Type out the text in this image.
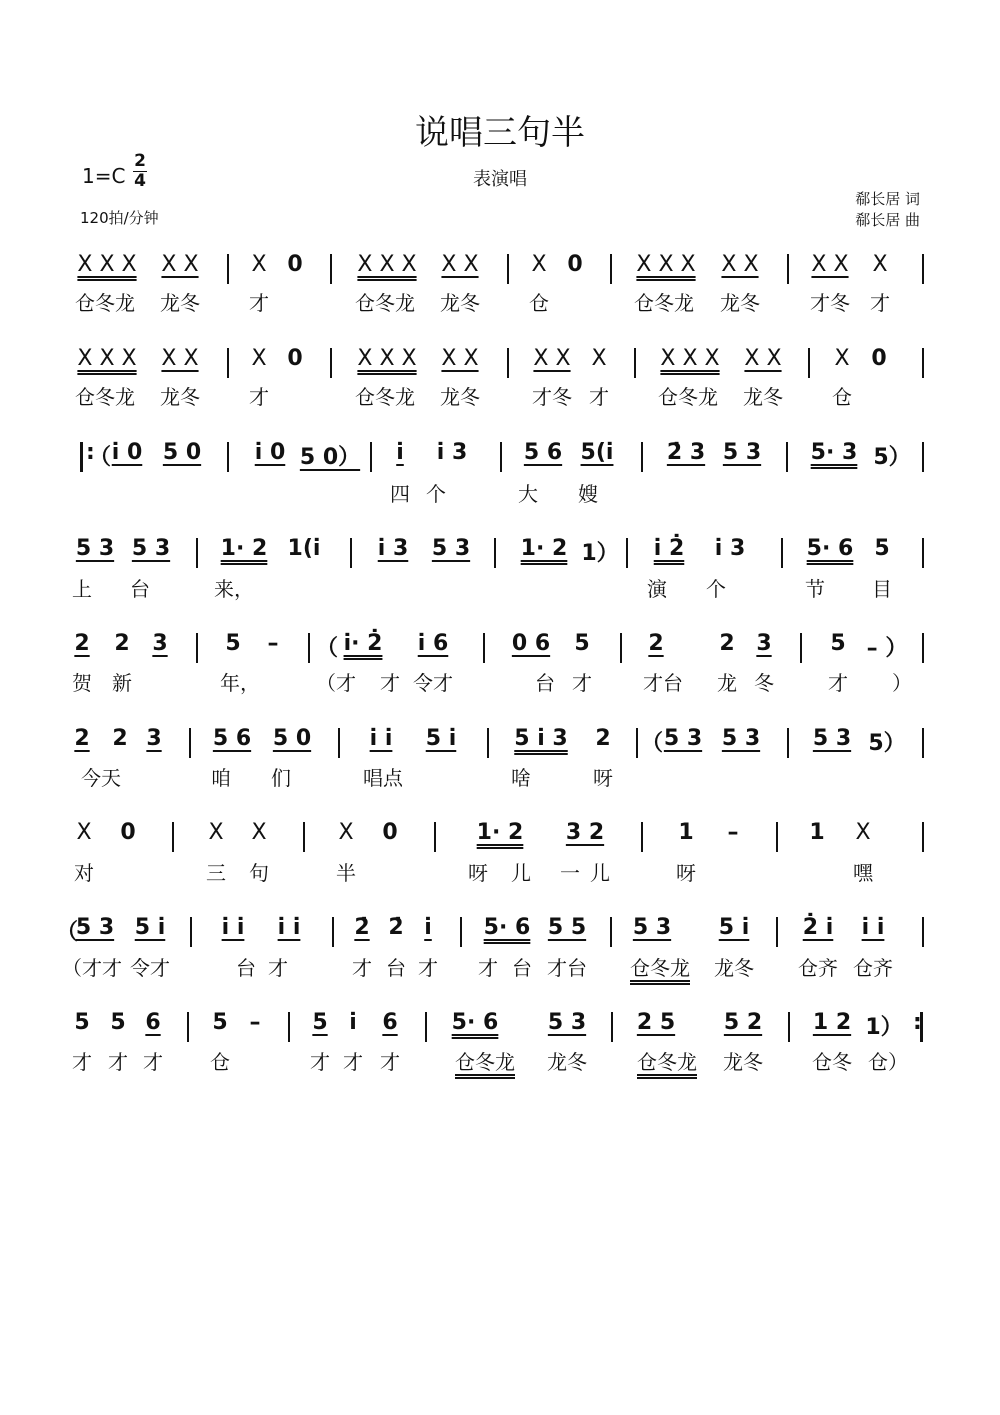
说唱三句半
表演唱
1=C
2
4
120拍/分钟
郗长居 词
郗长居 曲
X X X X X X 0 X X X X X X 0 X X X X X X X X
仓冬龙 龙冬 才	仓冬龙 龙冬 仓	仓冬龙 龙冬	才冬 才
X X X X X X 0 X X X X X X X X X X X X X X 0
仓冬龙 龙冬 才	仓冬龙 龙冬	才冬 才 仓冬龙 龙冬 仓
:
（ i̇ 0 5 0 i̇ 0 5 0） i̇ i̇ 3	5 6 5(i̇ 2̇ 3 5 3 5· 3 5）
四 个	大 嫂
5 3 5 3 1· 2 1(i̇	i̇ 3 5 3 1· 2 1） i̇ 2̇ i̇ 3	5· 6 5
上 台	来，	演 个	节 目
2 2 3	5 – （ i̇· 2̇ i̇ 6	0 6 5	2	2 3	5 – ）
贺 新	年，	（才 才 令才	台 才	才台 龙 冬	才 ）
2 2 3 5 6 5 0	i̇ i̇ 5 i̇	5 i̇ 3 2 （ 5 3 5 3 5 3 5）
今天	咱 们	唱点	啥	呀
X 0	X X	X 0	1· 2 3 2	1 –	1 X
对	三 句	半	呀 儿 一 儿	呀	嘿
（
5 3 5 i̇	i̇ i̇ i̇ i̇ 2̇ 2̇ i̇ 5· 6 5 5 5 3 5 i̇ 2̇ i̇ i̇ i̇
（才才 令才	台 才	才 台 才 才 台 才台 仓冬龙 龙冬 仓齐 仓齐
5 5 6 5 – 5 i̇ 6 5· 6 5 3 2 5 5 2 1 2 1）
:
才 才 才 仓	才 才 才	仓冬龙 龙冬	仓冬龙 龙冬 仓冬 仓）
